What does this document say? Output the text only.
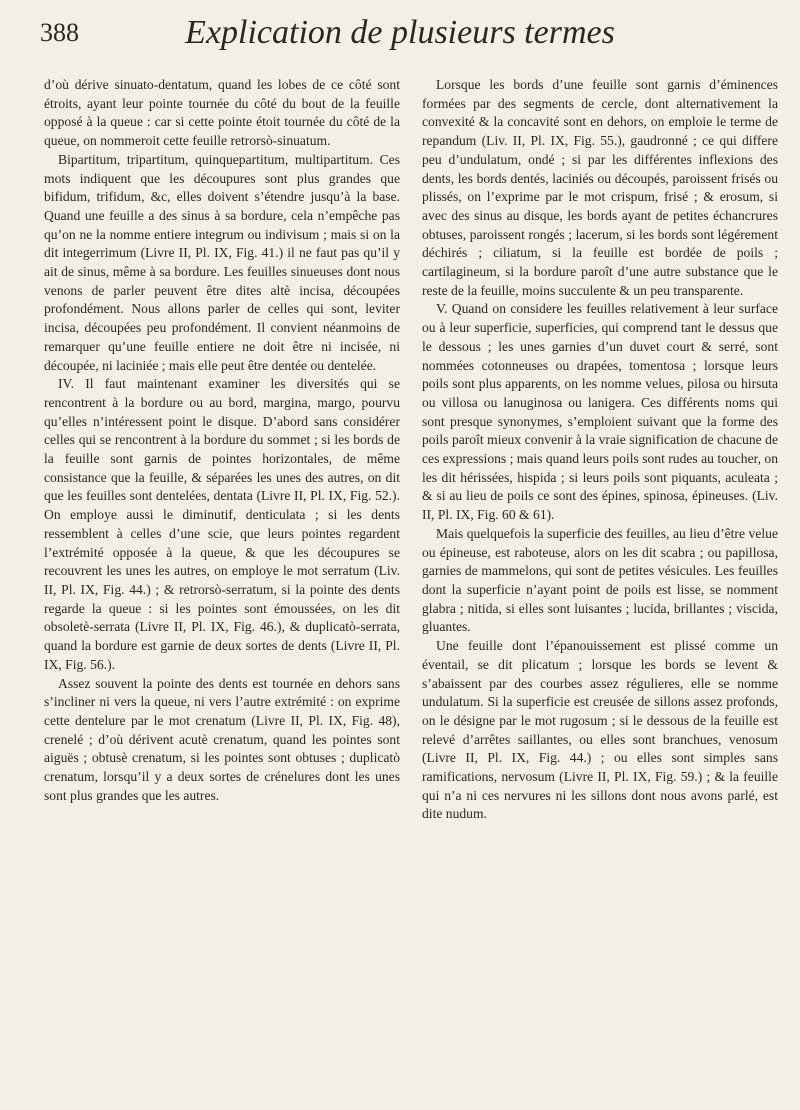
388	Explication de plusieurs termes

d’où dérive sinuato-dentatum, quand les lobes de ce côté sont étroits, ayant leur pointe tournée du côté du bout de la feuille opposé à la queue : car si cette pointe étoit tournée du côté de la queue, on nommeroit cette feuille retrorsò-sinuatum.

Bipartitum, tripartitum, quinquepartitum, multipartitum. Ces mots indiquent que les découpures sont plus grandes que bifidum, trifidum, &c, elles doivent s’étendre jusqu’à la base. Quand une feuille a des sinus à sa bordure, cela n’empêche pas qu’on ne la nomme entiere integrum ou indivisum ; mais si on la dit integerrimum (Livre II, Pl. IX, Fig. 41.) il ne faut pas qu’il y ait de sinus, même à sa bordure. Les feuilles sinueuses dont nous venons de parler peuvent être dites altè incisa, découpées profondément. Nous allons parler de celles qui sont, leviter incisa, découpées peu profondément. Il convient néanmoins de remarquer qu’une feuille entiere ne doit être ni incisée, ni découpée, ni laciniée ; mais elle peut être dentée ou dentelée.

IV. Il faut maintenant examiner les diversités qui se rencontrent à la bordure ou au bord, margina, margo, pourvu qu’elles n’intéressent point le disque. D’abord sans considérer celles qui se rencontrent à la bordure du sommet ; si les bords de la feuille sont garnis de pointes horizontales, de même consistance que la feuille, & séparées les unes des autres, on dit que les feuilles sont dentelées, dentata (Livre II, Pl. IX, Fig. 52.). On employe aussi le diminutif, denticulata ; si les dents ressemblent à celles d’une scie, que leurs pointes regardent l’extrémité opposée à la queue, & que les découpures se recouvrent les unes les autres, on employe le mot serratum (Liv. II, Pl. IX, Fig. 44.) ; & retrorsò-serratum, si la pointe des dents regarde la queue : si les pointes sont émoussées, on les dit obsoletè-serrata (Livre II, Pl. IX, Fig. 46.), & duplicatò-serrata, quand la bordure est garnie de deux sortes de dents (Livre II, Pl. IX, Fig. 56.).

Assez souvent la pointe des dents est tournée en dehors sans s’incliner ni vers la queue, ni vers l’autre extrémité : on exprime cette dentelure par le mot crenatum (Livre II, Pl. IX, Fig. 48), crenelé ; d’où dérivent acutè crenatum, quand les pointes sont aiguës ; obtusè crenatum, si les pointes sont obtuses ; duplicatò crenatum, lorsqu’il y a deux sortes de crénelures dont les unes sont plus grandes que les autres.

Lorsque les bords d’une feuille sont garnis d’éminences formées par des segments de cercle, dont alternativement la convexité & la concavité sont en dehors, on emploie le terme de repandum (Liv. II, Pl. IX, Fig. 55.), gaudronné ; ce qui differe peu d’undulatum, ondé ; si par les différentes inflexions des dents, les bords dentés, laciniés ou découpés, paroissent frisés ou plissés, on l’exprime par le mot crispum, frisé ; & erosum, si avec des sinus au disque, les bords ayant de petites échancrures obtuses, paroissent rongés ; lacerum, si les bords sont légérement déchirés ; ciliatum, si la feuille est bordée de poils ; cartilagineum, si la bordure paroît d’une autre substance que le reste de la feuille, moins succulente & un peu transparente.

V. Quand on considere les feuilles relativement à leur surface ou à leur superficie, superficies, qui comprend tant le dessus que le dessous ; les unes garnies d’un duvet court & serré, sont nommées cotonneuses ou drapées, tomentosa ; lorsque leurs poils sont plus apparents, on les nomme velues, pilosa ou hirsuta ou villosa ou lanuginosa ou lanigera. Ces différents noms qui sont presque synonymes, s’emploient suivant que la forme des poils paroît mieux convenir à la vraie signification de chacune de ces expressions ; mais quand leurs poils sont rudes au toucher, on les dit hérissées, hispida ; si leurs poils sont piquants, aculeata ; & si au lieu de poils ce sont des épines, spinosa, épineuses. (Liv. II, Pl. IX, Fig. 60 & 61).

Mais quelquefois la superficie des feuilles, au lieu d’être velue ou épineuse, est raboteuse, alors on les dit scabra ; ou papillosa, garnies de mammelons, qui sont de petites vésicules. Les feuilles dont la superficie n’ayant point de poils est lisse, se nomment glabra ; nitida, si elles sont luisantes ; lucida, brillantes ; viscida, gluantes.

Une feuille dont l’épanouissement est plissé comme un éventail, se dit plicatum ; lorsque les bords se levent & s’abaissent par des courbes assez régulieres, elle se nomme undulatum. Si la superficie est creusée de sillons assez profonds, on le désigne par le mot rugosum ; si le dessous de la feuille est relevé d’arrêtes saillantes, ou elles sont branchues, venosum (Livre II, Pl. IX, Fig. 44.) ; ou elles sont simples sans ramifications, nervosum (Livre II, Pl. IX, Fig. 59.) ; & la feuille qui n’a ni ces nervures ni les sillons dont nous avons parlé, est dite nudum.
